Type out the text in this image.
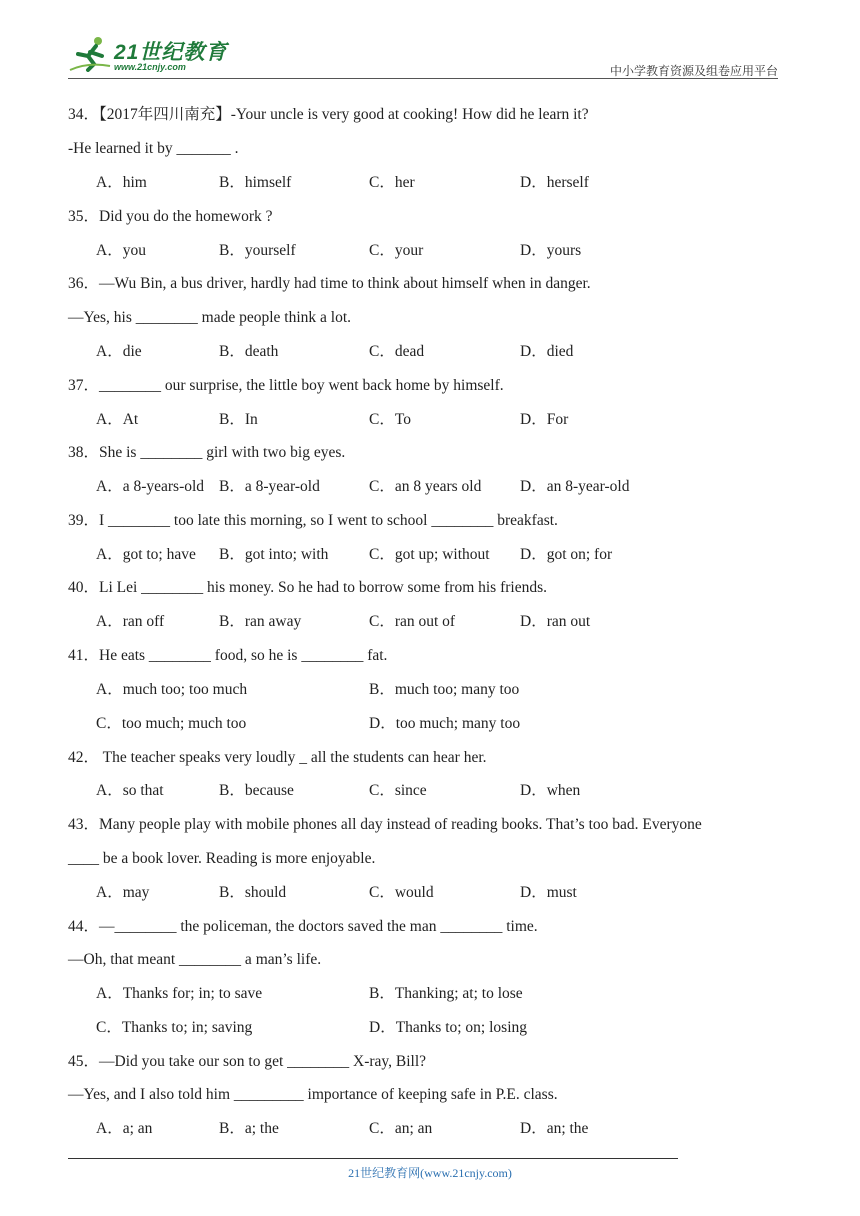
21世纪教育
www.21cnjy.com	中小学教育资源及组卷应用平台
34．【2017年四川南充】-Your uncle is very good at cooking! How did he learn it?
-He learned it by _______ .
A．him	B．himself	C．her	D．herself
35．Did you do the homework ?
A．you	B．yourself	C．your	D．yours
36．—Wu Bin, a bus driver, hardly had time to think about himself when in danger.
—Yes, his ________ made people think a lot.
A．die	B．death	C．dead	D．died
37．________ our surprise, the little boy went back home by himself.
A．At	B．In	C．To	D．For
38．She is ________ girl with two big eyes.
A．a 8-years-old B．a 8-year-old	C．an 8 years old D．an 8-year-old
39．I ________ too late this morning, so I went to school ________ breakfast.
A．got to; have B．got into; with	C．got up; without D．got on; for
40．Li Lei ________ his money. So he had to borrow some from his friends.
A．ran off	B．ran away	C．ran out of	D．ran out
41．He eats ________ food, so he is ________ fat.
A．much too; too much	B．much too; many too
C．too much; much too	D．too much; many too
42． The teacher speaks very loudly _ all the students can hear her.
A．so that	B．because	C．since	D．when
43．Many people play with mobile phones all day instead of reading books. That’s too bad. Everyone
____ be a book lover. Reading is more enjoyable.
A．may	B．should	C．would	D．must
44．—________ the policeman, the doctors saved the man ________ time.
—Oh, that meant ________ a man’s life.
A．Thanks for; in; to save	B．Thanking; at; to lose
C．Thanks to; in; saving	D．Thanks to; on; losing
45．—Did you take our son to get ________ X-ray, Bill?
—Yes, and I also told him _________ importance of keeping safe in P.E. class.
A．a; an	B．a; the	C．an; an	D．an; the
21世纪教育网(www.21cnjy.com)
